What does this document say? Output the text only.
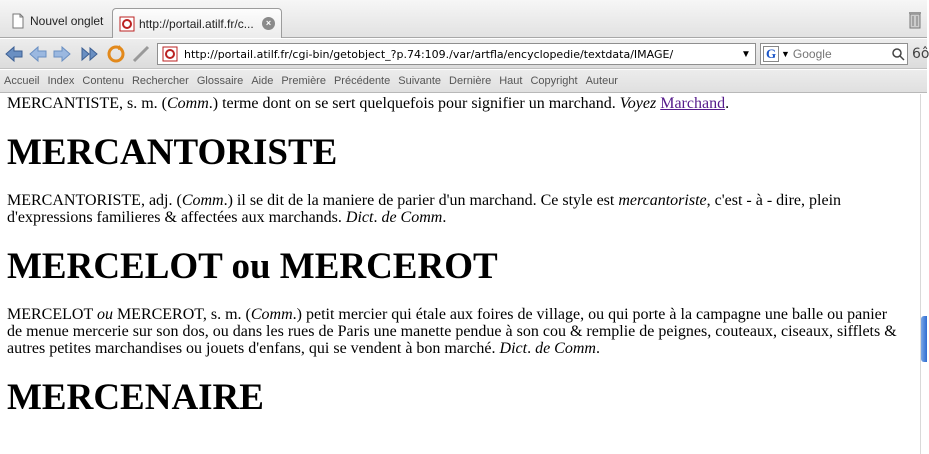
Nouvel onglet	http://portail.atilf.fr/c...	×
http://portail.atilf.fr/cgi-bin/getobject_?p.74:109./var/artfla/encyclopedie/textdata/IMAGE/
▼ G ▼
Google	6ô
Accueil Index Contenu Rechercher Glossaire Aide Première Précédente Suivante Dernière Haut Copyright Auteur

MERCANTISTE, s. m. (Comm.) terme dont on se sert quelquefois pour signifier un marchand. Voyez Marchand.

MERCANTORISTE

MERCANTORISTE, adj. (Comm.) il se dit de la maniere de parier d'un marchand. Ce style est mercantoriste, c'est - à - dire, plein d'expressions familieres & affectées aux marchands. Dict. de Comm.

MERCELOT ou MERCEROT

MERCELOT ou MERCEROT, s. m. (Comm.) petit mercier qui étale aux foires de village, ou qui porte à la campagne une balle ou panier de menue mercerie sur son dos, ou dans les rues de Paris une manette pendue à son cou & remplie de peignes, couteaux, ciseaux, sifflets & autres petites marchandises ou jouets d'enfans, qui se vendent à bon marché. Dict. de Comm.

MERCENAIRE
